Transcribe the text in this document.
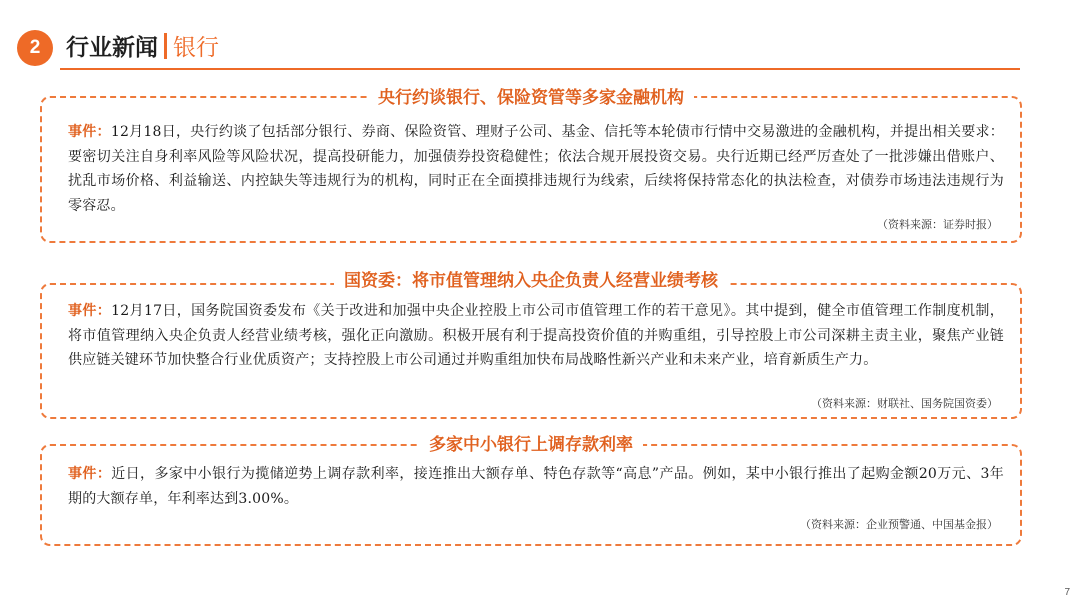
2	行业新闻 银行
央行约谈银行、保险资管等多家金融机构
事件：12月18日，央行约谈了包括部分银行、券商、保险资管、理财子公司、基金、信托等本轮债市行情中交易激进的金融机构，并提出相关要求：要密切关注自身利率风险等风险状况，提高投研能力，加强债券投资稳健性；依法合规开展投资交易。央行近期已经严厉查处了一批涉嫌出借账户、扰乱市场价格、利益输送、内控缺失等违规行为的机构，同时正在全面摸排违规行为线索，后续将保持常态化的执法检查，对债券市场违法违规行为零容忍。
（资料来源：证券时报）
国资委：将市值管理纳入央企负责人经营业绩考核
事件：12月17日，国务院国资委发布《关于改进和加强中央企业控股上市公司市值管理工作的若干意见》。其中提到，健全市值管理工作制度机制，将市值管理纳入央企负责人经营业绩考核，强化正向激励。积极开展有利于提高投资价值的并购重组，引导控股上市公司深耕主责主业，聚焦产业链供应链关键环节加快整合行业优质资产；支持控股上市公司通过并购重组加快布局战略性新兴产业和未来产业，培育新质生产力。
（资料来源：财联社、国务院国资委）
多家中小银行上调存款利率
事件：近日，多家中小银行为揽储逆势上调存款利率，接连推出大额存单、特色存款等“高息”产品。例如，某中小银行推出了起购金额20万元、3年期的大额存单，年利率达到3.00%。
（资料来源：企业预警通、中国基金报）
7
